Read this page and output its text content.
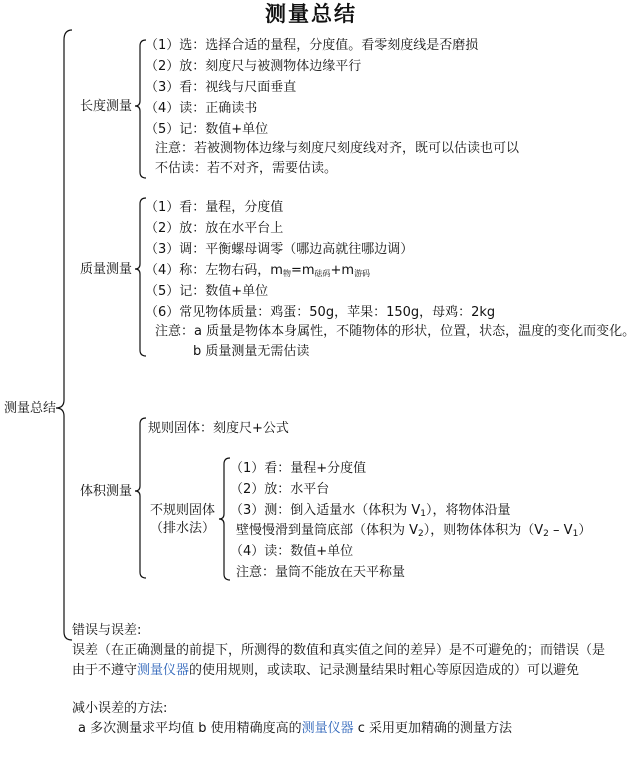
测量总结
测量总结
长度测量
（1）选：选择合适的量程，分度值。看零刻度线是否磨损
（2）放：刻度尺与被测物体边缘平行
（3）看：视线与尺面垂直
（4）读：正确读书
（5）记：数值+单位
注意：若被测物体边缘与刻度尺刻度线对齐，既可以估读也可以
不估读：若不对齐，需要估读。
质量测量
（1）看：量程，分度值
（2）放：放在水平台上
（3）调：平衡螺母调零（哪边高就往哪边调）
（4）称：左物右码，$m_物=m_{砝码}+m_{游码}$
（5）记：数值+单位
（6）常见物体质量：鸡蛋：50g，苹果：150g，母鸡：2kg
注意：a 质量是物体本身属性，不随物体的形状，位置，状态，温度的变化而变化。
b 质量测量无需估读
体积测量
规则固体：刻度尺+公式
不规则固体
（排水法）
（1）看：量程+分度值
（2）放：水平台
（3）测：倒入适量水（体积为 $V_1$），将物体沿量
壁慢慢滑到量筒底部（体积为 $V_2$），则物体体积为$(V_2 - V_1)$
（4）读：数值+单位
注意：量筒不能放在天平称量
错误与误差:
误差（在正确测量的前提下，所测得的数值和真实值之间的差异）是不可避免的；而错误（是
由于不遵守测量仪器的使用规则，或读取、记录测量结果时粗心等原因造成的）可以避免
减小误差的方法:
a 多次测量求平均值 b 使用精确度高的测量仪器 c 采用更加精确的测量方法
